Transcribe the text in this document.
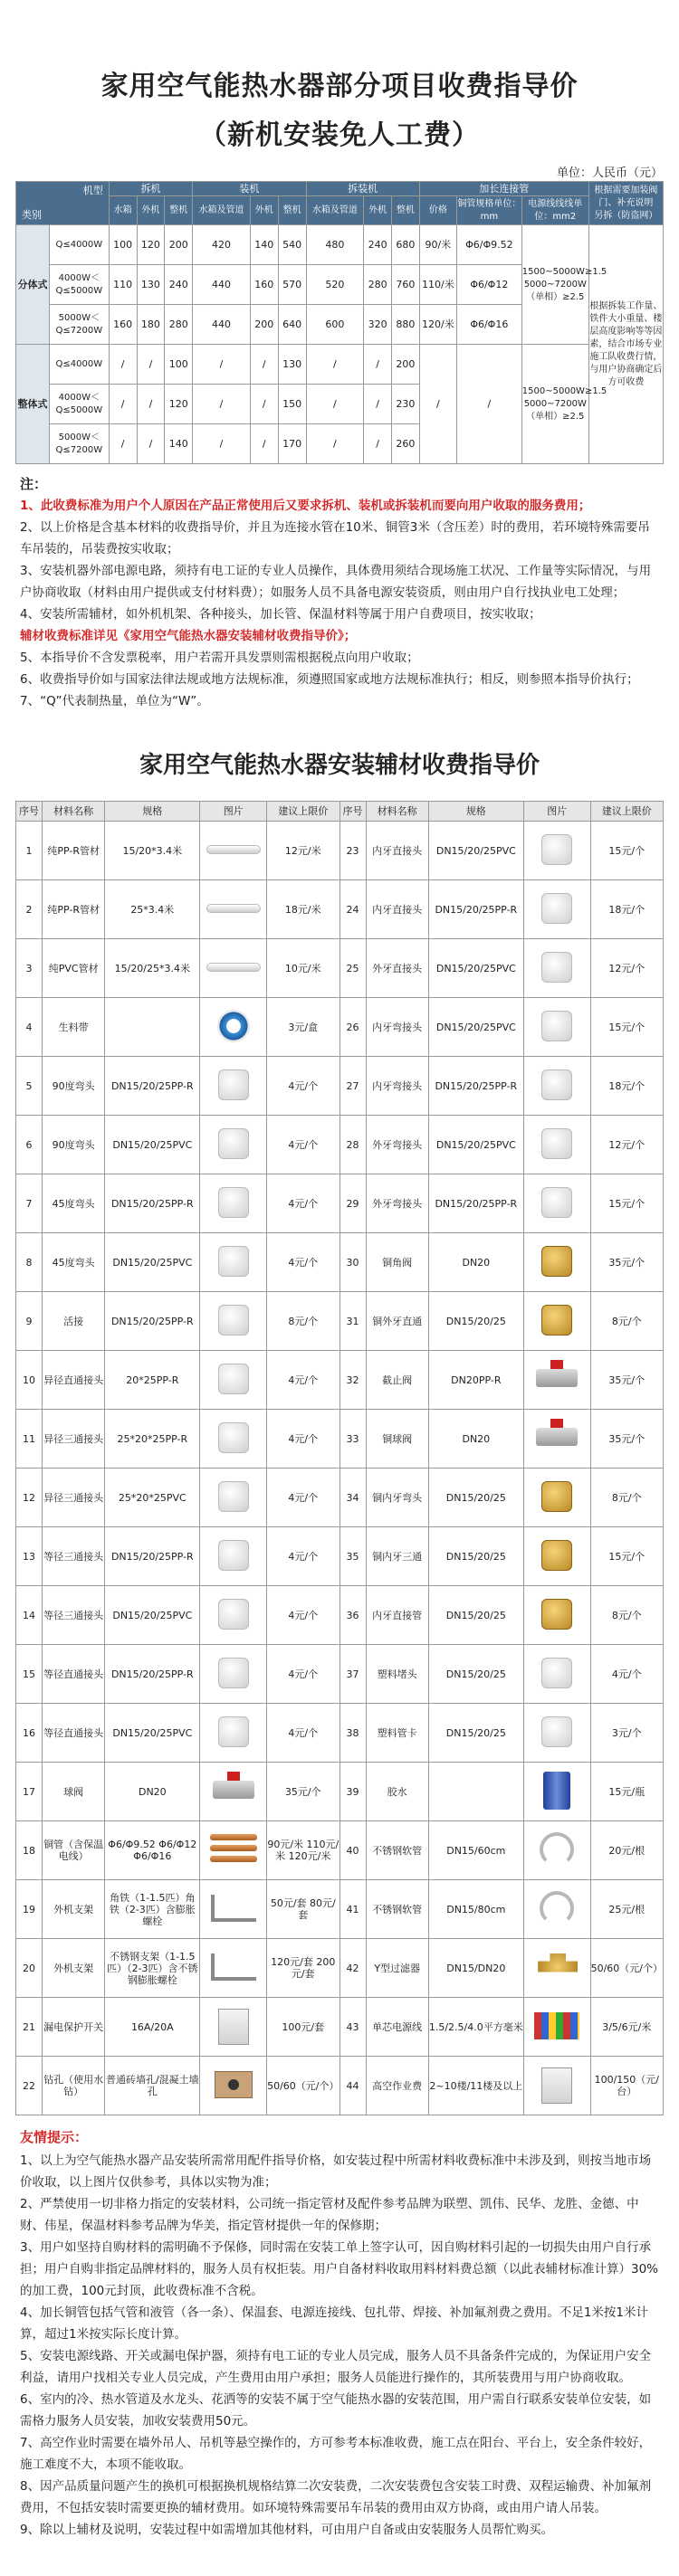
家用空气能热水器部分项目收费指导价
（新机安装免人工费）
单位：人民币（元）
机型
类别		拆机			装机			拆装机			加长连接管			根据需要加装阀门、补充说明
另拆（防盗网）
		水箱	外机	整机	水箱及管道	外机	整机	水箱及管道	外机	整机	价格	铜管规格单位：mm	电源线线线单位：mm2	
分体式	Q≤4000W	100	120	200	420	140	540	480	240	680	90/米	Φ6/Φ9.52	1500~5000W≥1.5 5000~7200W（单相）≥2.5	根据拆装工作量、铁件大小重量、楼层高度影响等等因素，结合市场专业施工队收费行情，与用户协商确定后方可收费
	4000W＜Q≤5000W	110	130	240	440	160	570	520	280	760	110/米	Φ6/Φ12		
	5000W＜Q≤7200W	160	180	280	440	200	640	600	320	880	120/米	Φ6/Φ16		
整体式	Q≤4000W	/	/	100	/	/	130	/	/	200	/	/	1500~5000W≥1.5 5000~7200W（单相）≥2.5	
	4000W＜Q≤5000W	/	/	120	/	/	150	/	/	230				
	5000W＜Q≤7200W	/	/	140	/	/	170	/	/	260				
注：

1、此收费标准为用户个人原因在产品正常使用后又要求拆机、装机或拆装机而要向用户收取的服务费用；

2、以上价格是含基本材料的收费指导价，并且为连接水管在10米、铜管3米（含压差）时的费用，若环境特殊需要吊车吊装的，吊装费按实收取；

3、安装机器外部电源电路，须持有电工证的专业人员操作，具体费用须结合现场施工状况、工作量等实际情况，与用户协商收取（材料由用户提供或支付材料费）；如服务人员不具备电源安装资质，则由用户自行找执业电工处理；

4、安装所需辅材，如外机机架、各种接头，加长管、保温材料等属于用户自费项目，按实收取；

辅材收费标准详见《家用空气能热水器安装辅材收费指导价》；

5、本指导价不含发票税率，用户若需开具发票则需根据税点向用户收取；

6、收费指导价如与国家法律法规或地方法规标准，须遵照国家或地方法规标准执行；相反，则参照本指导价执行；

7、“Q”代表制热量，单位为“W”。

家用空气能热水器安装辅材收费指导价
序号	材料名称	规格	图片	建议上限价	序号	材料名称	规格	图片	建议上限价
1	纯PP-R管材	15/20*3.4米		12元/米	23	内牙直接头	DN15/20/25PVC		15元/个
2	纯PP-R管材	25*3.4米		18元/米	24	内牙直接头	DN15/20/25PP-R		18元/个
3	纯PVC管材	15/20/25*3.4米		10元/米	25	外牙直接头	DN15/20/25PVC		12元/个
4	生料带			3元/盒	26	内牙弯接头	DN15/20/25PVC		15元/个
5	90度弯头	DN15/20/25PP-R		4元/个	27	内牙弯接头	DN15/20/25PP-R		18元/个
6	90度弯头	DN15/20/25PVC		4元/个	28	外牙弯接头	DN15/20/25PVC		12元/个
7	45度弯头	DN15/20/25PP-R		4元/个	29	外牙弯接头	DN15/20/25PP-R		15元/个
8	45度弯头	DN15/20/25PVC		4元/个	30	铜角阀	DN20		35元/个
9	活接	DN15/20/25PP-R		8元/个	31	铜外牙直通	DN15/20/25		8元/个
10	异径直通接头	20*25PP-R		4元/个	32	截止阀	DN20PP-R		35元/个
11	异径三通接头	25*20*25PP-R		4元/个	33	铜球阀	DN20		35元/个
12	异径三通接头	25*20*25PVC		4元/个	34	铜内牙弯头	DN15/20/25		8元/个
13	等径三通接头	DN15/20/25PP-R		4元/个	35	铜内牙三通	DN15/20/25		15元/个
14	等径三通接头	DN15/20/25PVC		4元/个	36	内牙直接管	DN15/20/25		8元/个
15	等径直通接头	DN15/20/25PP-R		4元/个	37	塑料堵头	DN15/20/25		4元/个
16	等径直通接头	DN15/20/25PVC		4元/个	38	塑料管卡	DN15/20/25		3元/个
17	球阀	DN20		35元/个	39	胶水			15元/瓶
18	铜管（含保温电线）	Φ6/Φ9.52 Φ6/Φ12 Φ6/Φ16		90元/米 110元/米 120元/米	40	不锈钢软管	DN15/60cm		20元/根
19	外机支架	角铁（1-1.5匹）角铁（2-3匹）含膨胀螺栓		50元/套 80元/套	41	不锈钢软管	DN15/80cm		25元/根
20	外机支架	不锈钢支架（1-1.5匹）（2-3匹）含不锈钢膨胀螺栓		120元/套 200元/套	42	Y型过滤器	DN15/DN20		50/60（元/个）
21	漏电保护开关	16A/20A		100元/套	43	单芯电源线	1.5/2.5/4.0平方毫米		3/5/6元/米
22	钻孔（使用水钻）	普通砖墙孔/混凝土墙孔		50/60（元/个）	44	高空作业费	2~10楼/11楼及以上		100/150（元/台）
友情提示：

1、以上为空气能热水器产品安装所需常用配件指导价格，如安装过程中所需材料收费标准中未涉及到，则按当地市场价收取，以上图片仅供参考，具体以实物为准；

2、严禁使用一切非格力指定的安装材料，公司统一指定管材及配件参考品牌为联塑、凯伟、民华、龙胜、金德、中财、伟星，保温材料参考品牌为华美，指定管材提供一年的保修期；

3、用户如坚持自购材料的需明确不予保修，同时需在安装工单上签字认可，因自购材料引起的一切损失由用户自行承担；用户自购非指定品牌材料的，服务人员有权拒装。用户自备材料收取用料材料费总额（以此表辅材标准计算）30%的加工费，100元封顶，此收费标准不含税。

4、加长铜管包括气管和液管（各一条）、保温套、电源连接线、包扎带、焊接、补加氟剂费之费用。不足1米按1米计算，超过1米按实际长度计算。

5、安装电源线路、开关或漏电保护器，须持有电工证的专业人员完成，服务人员不具备条件完成的，为保证用户安全利益，请用户找相关专业人员完成，产生费用由用户承担；服务人员能进行操作的，其所装费用与用户协商收取。

6、室内的冷、热水管道及水龙头、花洒等的安装不属于空气能热水器的安装范围，用户需自行联系安装单位安装，如需格力服务人员安装，加收安装费用50元。

7、高空作业时需要在墙外吊人、吊机等悬空操作的，方可参考本标准收费，施工点在阳台、平台上，安全条件较好，施工难度不大，本项不能收取。

8、因产品质量问题产生的换机可根据换机规格结算二次安装费，二次安装费包含安装工时费、双程运输费、补加氟剂费用，不包括安装时需要更换的辅材费用。如环境特殊需要吊车吊装的费用由双方协商，或由用户请人吊装。

9、除以上辅材及说明，安装过程中如需增加其他材料，可由用户自备或由安装服务人员帮忙购买。
